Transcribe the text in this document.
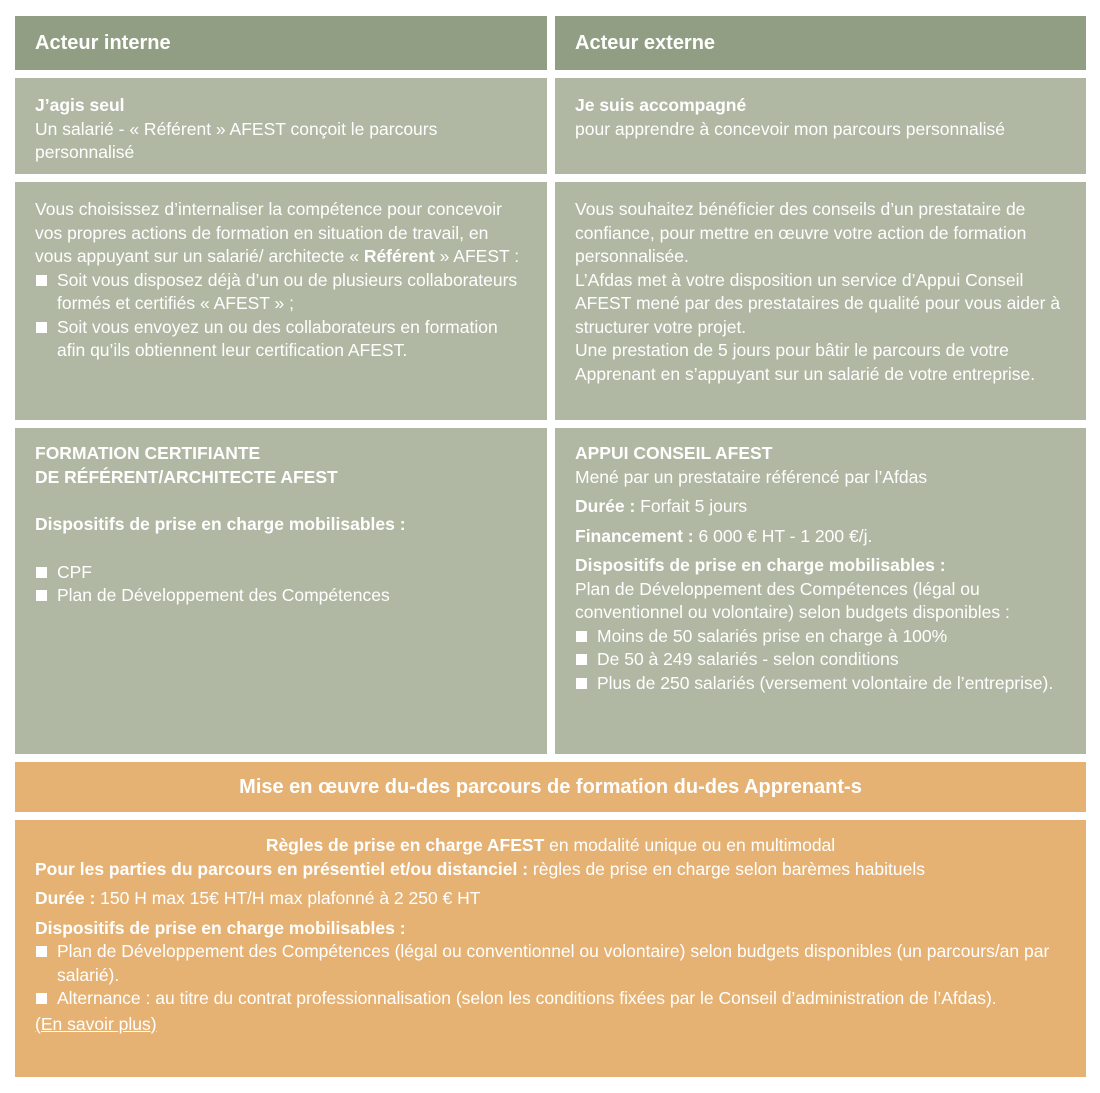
Acteur interne	Acteur externe
J’agis seul
Un salarié - « Référent » AFEST conçoit le parcours personnalisé
Je suis accompagné
pour apprendre à concevoir mon parcours personnalisé
Vous choisissez d’internaliser la compétence pour concevoir vos propres actions de formation en situation de travail, en vous appuyant sur un salarié/ architecte « Référent » AFEST :
Soit vous disposez déjà d’un ou de plusieurs collaborateurs formés et certifiés « AFEST » ;
Soit vous envoyez un ou des collaborateurs en formation afin qu’ils obtiennent leur certification AFEST.
Vous souhaitez bénéficier des conseils d’un prestataire de confiance, pour mettre en œuvre votre action de formation personnalisée.
L’Afdas met à votre disposition un service d’Appui Conseil AFEST mené par des prestataires de qualité pour vous aider à structurer votre projet.
Une prestation de 5 jours pour bâtir le parcours de votre Apprenant en s’appuyant sur un salarié de votre entreprise.
FORMATION CERTIFIANTE
DE RÉFÉRENT/ARCHITECTE AFEST
Dispositifs de prise en charge mobilisables :
CPF
Plan de Développement des Compétences
APPUI CONSEIL AFEST
Mené par un prestataire référencé par l’Afdas
Durée : Forfait 5 jours
Financement : 6 000 € HT - 1 200 €/j.
Dispositifs de prise en charge mobilisables :
Plan de Développement des Compétences (légal ou conventionnel ou volontaire) selon budgets disponibles :
Moins de 50 salariés prise en charge à 100%
De 50 à 249 salariés - selon conditions
Plus de 250 salariés (versement volontaire de l’entreprise).
Mise en œuvre du-des parcours de formation du-des Apprenant-s
Règles de prise en charge AFEST en modalité unique ou en multimodal
Pour les parties du parcours en présentiel et/ou distanciel : règles de prise en charge selon barèmes habituels
Durée : 150 H max 15€ HT/H max plafonné à 2 250 € HT
Dispositifs de prise en charge mobilisables :
Plan de Développement des Compétences (légal ou conventionnel ou volontaire) selon budgets disponibles (un parcours/an par salarié).
Alternance : au titre du contrat professionnalisation (selon les conditions fixées par le Conseil d’administration de l’Afdas).
(En savoir plus)
